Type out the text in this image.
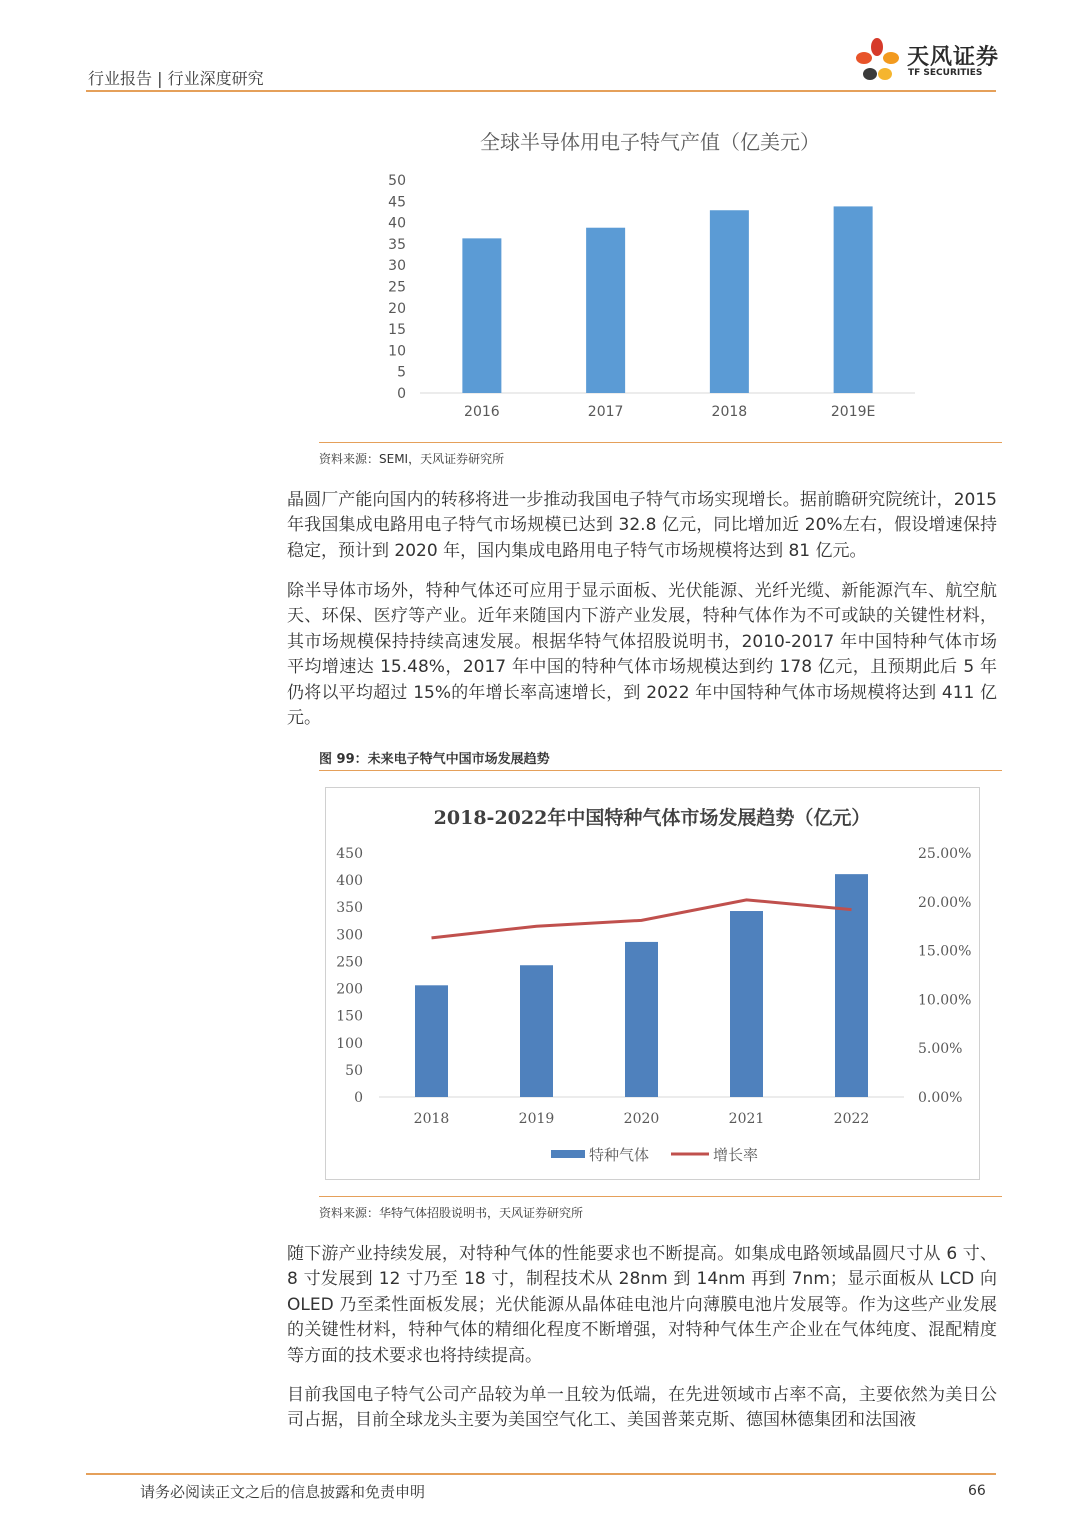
行业报告 | 行业深度研究
天风证券
TF SECURITIES
全球半导体用电子特气产值（亿美元）
0
5
10
15
20
25
30
35
40
45
50
2016	2017	2018	2019E
资料来源：SEMI，天风证券研究所

晶圆厂产能向国内的转移将进一步推动我国电子特气市场实现增长。据前瞻研究院统计，2015 年我国集成电路用电子特气市场规模已达到 32.8 亿元，同比增加近 20%左右，假设增速保持稳定，预计到 2020 年，国内集成电路用电子特气市场规模将达到 81 亿元。

除半导体市场外，特种气体还可应用于显示面板、光伏能源、光纤光缆、新能源汽车、航空航天、环保、医疗等产业。近年来随国内下游产业发展，特种气体作为不可或缺的关键性材料，其市场规模保持持续高速发展。根据华特气体招股说明书，2010-2017 年中国特种气体市场平均增速达 15.48%，2017 年中国的特种气体市场规模达到约 178 亿元，且预期此后 5 年仍将以平均超过 15%的年增长率高速增长，到 2022 年中国特种气体市场规模将达到 411 亿元。

图 99：未来电子特气中国市场发展趋势
2018-2022年中国特种气体市场发展趋势（亿元）
0
50
100
150
200
250
300
350
400
450
0.00%
5.00%
10.00%
15.00%
20.00%
25.00%
2018	2019	2020	2021	2022
特种气体	增长率
资料来源：华特气体招股说明书，天风证券研究所

随下游产业持续发展，对特种气体的性能要求也不断提高。如集成电路领域晶圆尺寸从 6 寸、8 寸发展到 12 寸乃至 18 寸，制程技术从 28nm 到 14nm 再到 7nm；显示面板从 LCD 向 OLED 乃至柔性面板发展；光伏能源从晶体硅电池片向薄膜电池片发展等。作为这些产业发展的关键性材料，特种气体的精细化程度不断增强，对特种气体生产企业在气体纯度、混配精度等方面的技术要求也将持续提高。

目前我国电子特气公司产品较为单一且较为低端，在先进领域市占率不高，主要依然为美日公司占据，目前全球龙头主要为美国空气化工、美国普莱克斯、德国林德集团和法国液

请务必阅读正文之后的信息披露和免责申明	66
